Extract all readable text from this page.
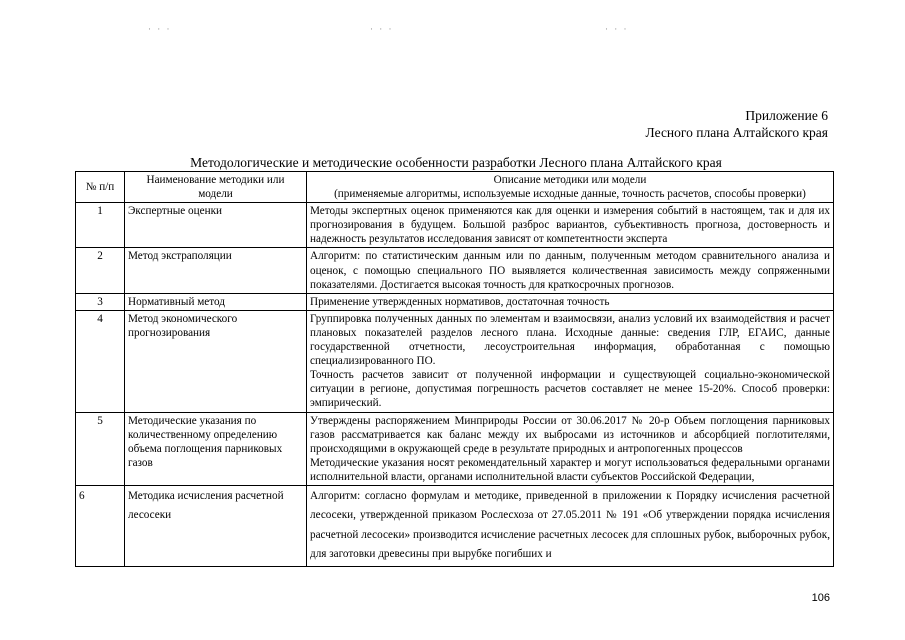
· · ·	· · ·	· · ·
Приложение 6
Лесного плана Алтайского края
Методологические и методические особенности разработки Лесного плана Алтайского края
№ п/п	Наименование методики или модели	Описание методики или модели
(применяемые алгоритмы, используемые исходные данные, точность расчетов, способы проверки)

1	Экспертные оценки	Методы экспертных оценок применяются как для оценки и измерения событий в настоящем, так и для их прогнозирования в будущем. Большой разброс вариантов, субъективность прогноза, достоверность и надежность результатов исследования зависят от компетентности эксперта

2	Метод экстраполяции	Алгоритм: по статистическим данным или по данным, полученным методом сравнительного анализа и оценок, с помощью специального ПО выявляется количественная зависимость между сопряженными показателями. Достигается высокая точность для краткосрочных прогнозов.

3	Нормативный метод	Применение утвержденных нормативов, достаточная точность

4	Метод экономического прогнозирования	Группировка полученных данных по элементам и взаимосвязи, анализ условий их взаимодействия и расчет плановых показателей разделов лесного плана. Исходные данные: сведения ГЛР, ЕГАИС, данные государственной отчетности, лесоустроительная информация, обработанная с помощью специализированного ПО.

Точность расчетов зависит от полученной информации и существующей социально-экономической ситуации в регионе, допустимая погрешность расчетов составляет не менее 15-20%. Способ проверки: эмпирический.

5	Методические указания по количественному определению объема поглощения парниковых газов	Утверждены распоряжением Минприроды России от 30.06.2017 № 20-р Объем поглощения парниковых газов рассматривается как баланс между их выбросами из источников и абсорбцией поглотителями, происходящими в окружающей среде в результате природных и антропогенных процессов

Методические указания носят рекомендательный характер и могут использоваться федеральными органами исполнительной власти, органами исполнительной власти субъектов Российской Федерации,

6	Методика исчисления расчетной лесосеки	Алгоритм: согласно формулам и методике, приведенной в приложении к Порядку исчисления расчетной лесосеки, утвержденной приказом Рослесхоза от 27.05.2011 № 191 «Об утверждении порядка исчисления расчетной лесосеки» производится исчисление расчетных лесосек для сплошных рубок, выборочных рубок, для заготовки древесины при вырубке погибших и

106
